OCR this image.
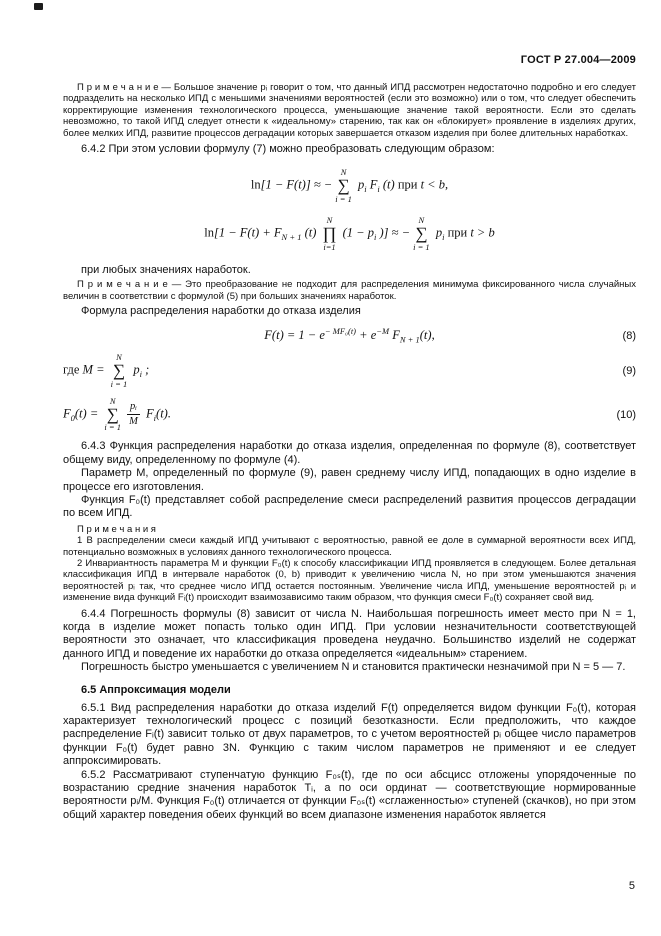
ГОСТ Р 27.004—2009

П р и м е ч а н и е — Большое значение pᵢ говорит о том, что данный ИПД рассмотрен недостаточно подробно и его следует подразделить на несколько ИПД с меньшими значениями вероятностей (если это возможно) или о том, что следует обеспечить корректирующие изменения технологического процесса, уменьшающие значение такой вероятности. Если это сделать невозможно, то такой ИПД следует отнести к «идеальному» старению, так как он «блокирует» проявление в изделиях других, более мелких ИПД, развитие процессов деградации которых завершается отказом изделия при более длительных наработках.

6.4.2 При этом условии формулу (7) можно преобразовать следующим образом:

ln[1 − F(t)] ≈ −
N
∑
i = 1
$p_i$ $F_i$ (t) при t < b,
$\ln[1 - F(t) + F_{N + 1}$ (t)
N
∏
i=1
($1 - p_i$ )] ≈ −
N
∑
i = 1
$p_i$ при t > b

при любых значениях наработок.

П р и м е ч а н и е — Это преобразование не подходит для распределения минимума фиксированного числа случайных величин в соответствии с формулой (5) при больших значениях наработок.

Формула распределения наработки до отказа изделия

$F(t) = 1 - e^{- MF_0(t)} + e^{-M}$ $F_{N + 1}(t)$,	(8)
где M =
N
∑
i = 1
$p_i$ ;	(9)
$F_0(t)$ =
N
∑
$i = 1 \frac{\text{pᵢ}}{M} F_i(t)$.	(10)

6.4.3 Функция распределения наработки до отказа изделия, определенная по формуле (8), соответствует общему виду, определенному по формуле (4).

Параметр M, определенный по формуле (9), равен среднему числу ИПД, попадающих в одно изделие в процессе его изготовления.

Функция F₀(t) представляет собой распределение смеси распределений развития процессов деградации по всем ИПД.

П р и м е ч а н и я

1 В распределении смеси каждый ИПД учитывают с вероятностью, равной ее доле в суммарной вероятности всех ИПД, потенциально возможных в условиях данного технологического процесса.

2 Инвариантность параметра M и функции F₀(t) к способу классификации ИПД проявляется в следующем. Более детальная классификация ИПД в интервале наработок (0, b) приводит к увеличению числа N, но при этом уменьшаются значения вероятностей pᵢ так, что среднее число ИПД остается постоянным. Увеличение числа ИПД, уменьшение вероятностей pᵢ и изменение вида функций Fᵢ(t) происходит взаимозависимо таким образом, что функция смеси F₀(t) сохраняет свой вид.

6.4.4 Погрешность формулы (8) зависит от числа N. Наибольшая погрешность имеет место при N = 1, когда в изделие может попасть только один ИПД. При условии незначительности соответствующей вероятности это означает, что классификация проведена неудачно. Большинство изделий не содержат данного ИПД и поведение их наработки до отказа определяется «идеальным» старением.

Погрешность быстро уменьшается с увеличением N и становится практически незначимой при N = 5 — 7.

6.5 Аппроксимация модели

6.5.1 Вид распределения наработки до отказа изделий F(t) определяется видом функции F₀(t), которая характеризует технологический процесс с позиций безотказности. Если предположить, что каждое распределение Fᵢ(t) зависит только от двух параметров, то с учетом вероятностей pᵢ общее число параметров функции F₀(t) будет равно 3N. Функцию с таким числом параметров не применяют и ее следует аппроксимировать.

6.5.2 Рассматривают ступенчатую функцию F₀ₛ(t), где по оси абсцисс отложены упорядоченные по возрастанию средние значения наработок Tᵢ, а по оси ординат — соответствующие нормированные вероятности pᵢ/M. Функция F₀(t) отличается от функции F₀ₛ(t) «сглаженностью» ступеней (скачков), но при этом общий характер поведения обеих функций во всем диапазоне изменения наработок является

5
